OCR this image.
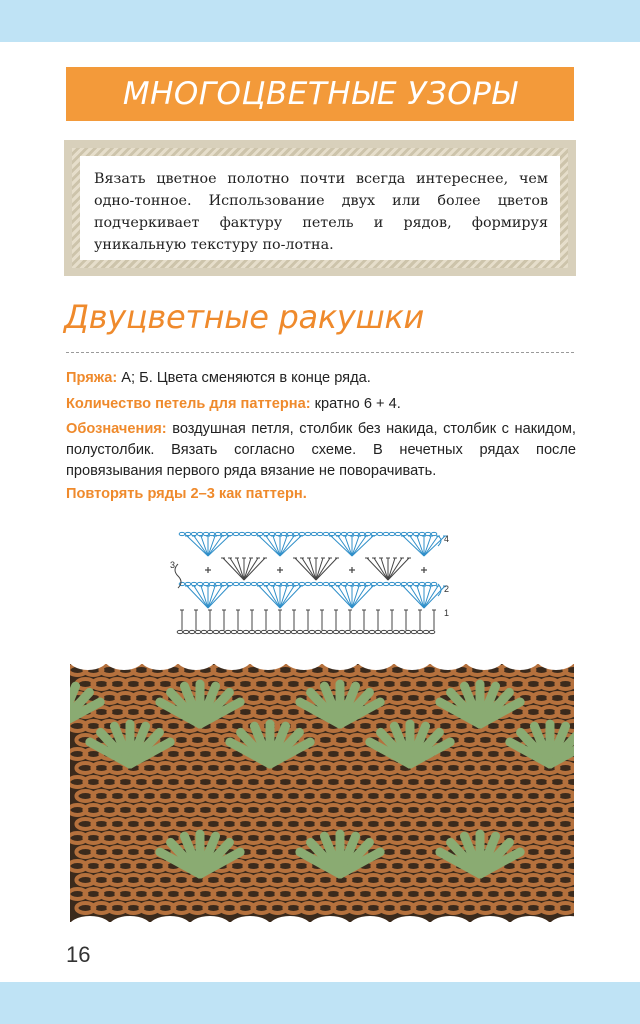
МНОГОЦВЕТНЫЕ УЗОРЫ

Вязать цветное полотно почти всегда интереснее, чем одно-тонное. Использование двух или более цветов подчеркивает фактуру петель и рядов, формируя уникальную текстуру по-лотна.

Двуцветные ракушки

Пряжа: А; Б. Цвета сменяются в конце ряда.

Количество петель для паттерна: кратно 6 + 4.

Обозначения: воздушная петля, столбик без накида, столбик с накидом, полустолбик. Вязать согласно схеме. В нечетных рядах после провязывания первого ряда вязание не поворачивать.

Повторять ряды 2–3 как паттерн.

4
3
2
1
16
